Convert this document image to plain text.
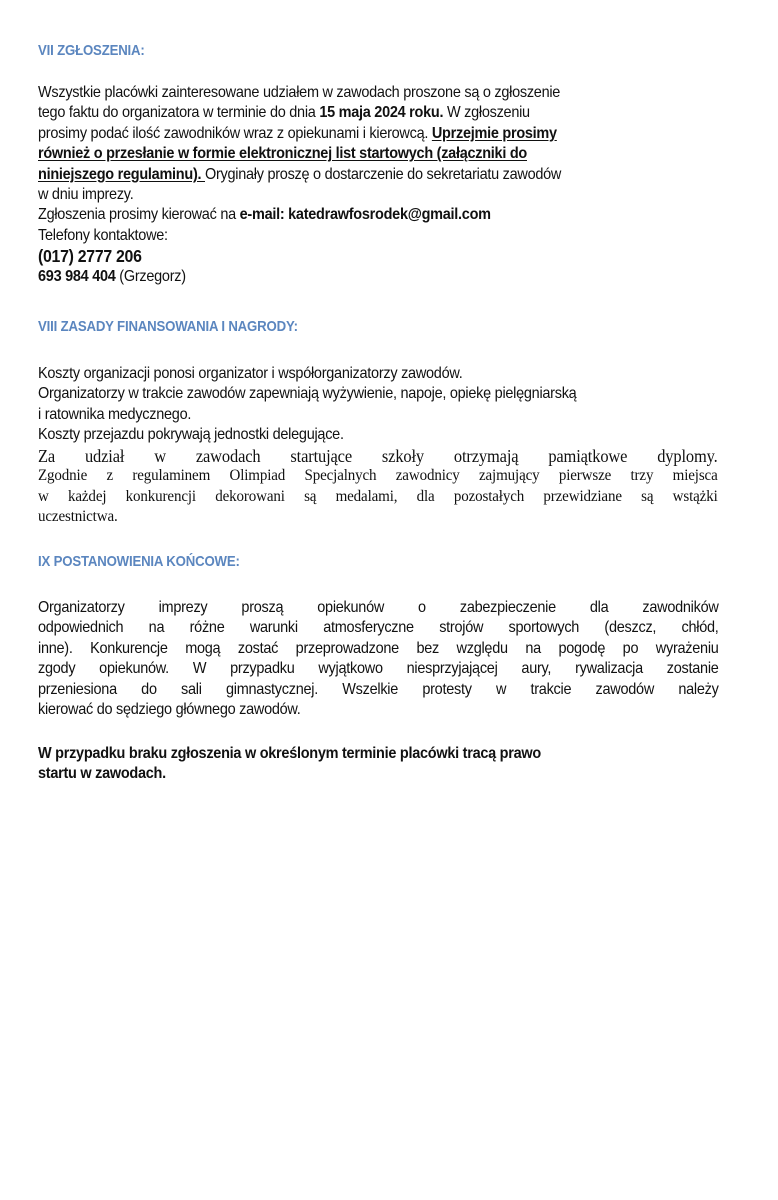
VII ZGŁOSZENIA:
Wszystkie placówki zainteresowane udziałem w zawodach proszone są o zgłoszenie
tego faktu do organizatora w terminie do dnia 15 maja 2024 roku. W zgłoszeniu
prosimy podać ilość zawodników wraz z opiekunami i kierowcą. Uprzejmie prosimy
również o przesłanie w formie elektronicznej list startowych (załączniki do
niniejszego regulaminu). Oryginały proszę o dostarczenie do sekretariatu zawodów
w dniu imprezy.
Zgłoszenia prosimy kierować na e-mail: katedrawfosrodek@gmail.com
Telefony kontaktowe:
(017) 2777 206
693 984 404 (Grzegorz)
VIII ZASADY FINANSOWANIA I NAGRODY:
Koszty organizacji ponosi organizator i współorganizatorzy zawodów.
Organizatorzy w trakcie zawodów zapewniają wyżywienie, napoje, opiekę pielęgniarską
i ratownika medycznego.
Koszty przejazdu pokrywają jednostki delegujące.
Za udział w zawodach startujące szkoły otrzymają pamiątkowe dyplomy.
Zgodnie z regulaminem Olimpiad Specjalnych zawodnicy zajmujący pierwsze trzy miejsca
w każdej konkurencji dekorowani są medalami, dla pozostałych przewidziane są wstążki
uczestnictwa.
IX POSTANOWIENIA KOŃCOWE:
Organizatorzy imprezy proszą opiekunów o zabezpieczenie dla zawodników
odpowiednich na różne warunki atmosferyczne strojów sportowych (deszcz, chłód,
inne). Konkurencje mogą zostać przeprowadzone bez względu na pogodę po wyrażeniu
zgody opiekunów. W przypadku wyjątkowo niesprzyjającej aury, rywalizacja zostanie
przeniesiona do sali gimnastycznej. Wszelkie protesty w trakcie zawodów należy
kierować do sędziego głównego zawodów.
W przypadku braku zgłoszenia w określonym terminie placówki tracą prawo
startu w zawodach.
